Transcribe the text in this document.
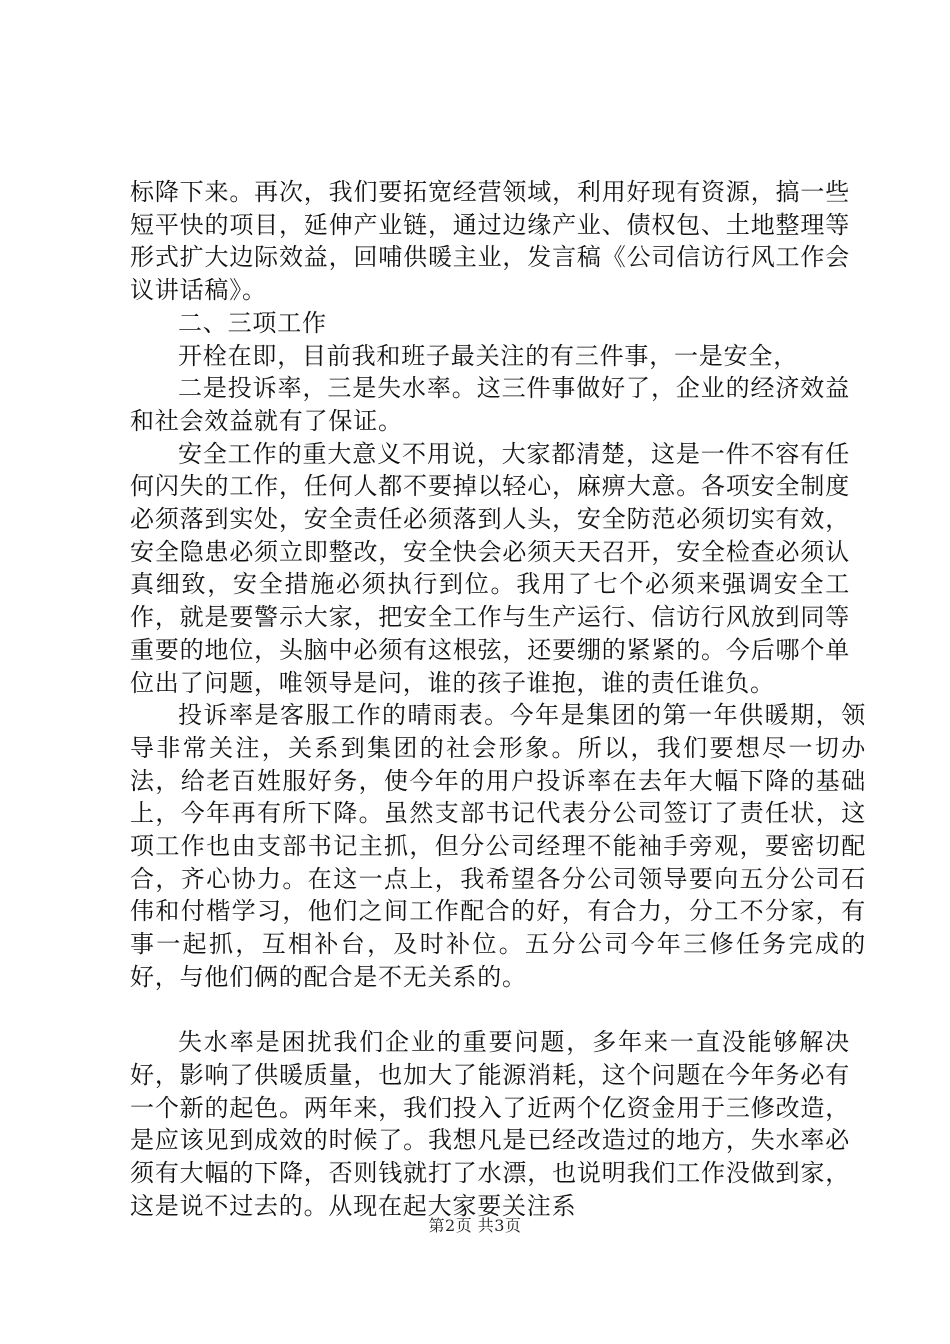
标降下来。再次，我们要拓宽经营领域，利用好现有资源，搞一些短平快的项目，延伸产业链，通过边缘产业、债权包、土地整理等形式扩大边际效益，回哺供暖主业，发言稿《公司信访行风工作会议讲话稿》。

二、三项工作

开栓在即，目前我和班子最关注的有三件事，一是安全，

二是投诉率，三是失水率。这三件事做好了，企业的经济效益和社会效益就有了保证。

安全工作的重大意义不用说，大家都清楚，这是一件不容有任何闪失的工作，任何人都不要掉以轻心，麻痹大意。各项安全制度必须落到实处，安全责任必须落到人头，安全防范必须切实有效，安全隐患必须立即整改，安全快会必须天天召开，安全检查必须认真细致，安全措施必须执行到位。我用了七个必须来强调安全工作，就是要警示大家，把安全工作与生产运行、信访行风放到同等重要的地位，头脑中必须有这根弦，还要绷的紧紧的。今后哪个单位出了问题，唯领导是问，谁的孩子谁抱，谁的责任谁负。

投诉率是客服工作的晴雨表。今年是集团的第一年供暖期，领导非常关注，关系到集团的社会形象。所以，我们要想尽一切办法，给老百姓服好务，使今年的用户投诉率在去年大幅下降的基础上，今年再有所下降。虽然支部书记代表分公司签订了责任状，这项工作也由支部书记主抓，但分公司经理不能袖手旁观，要密切配合，齐心协力。在这一点上，我希望各分公司领导要向五分公司石伟和付楷学习，他们之间工作配合的好，有合力，分工不分家，有事一起抓，互相补台，及时补位。五分公司今年三修任务完成的好，与他们俩的配合是不无关系的。

失水率是困扰我们企业的重要问题，多年来一直没能够解决好，影响了供暖质量，也加大了能源消耗，这个问题在今年务必有一个新的起色。两年来，我们投入了近两个亿资金用于三修改造，是应该见到成效的时候了。我想凡是已经改造过的地方，失水率必须有大幅的下降，否则钱就打了水漂，也说明我们工作没做到家，这是说不过去的。从现在起大家要关注系

第2页 共3页
